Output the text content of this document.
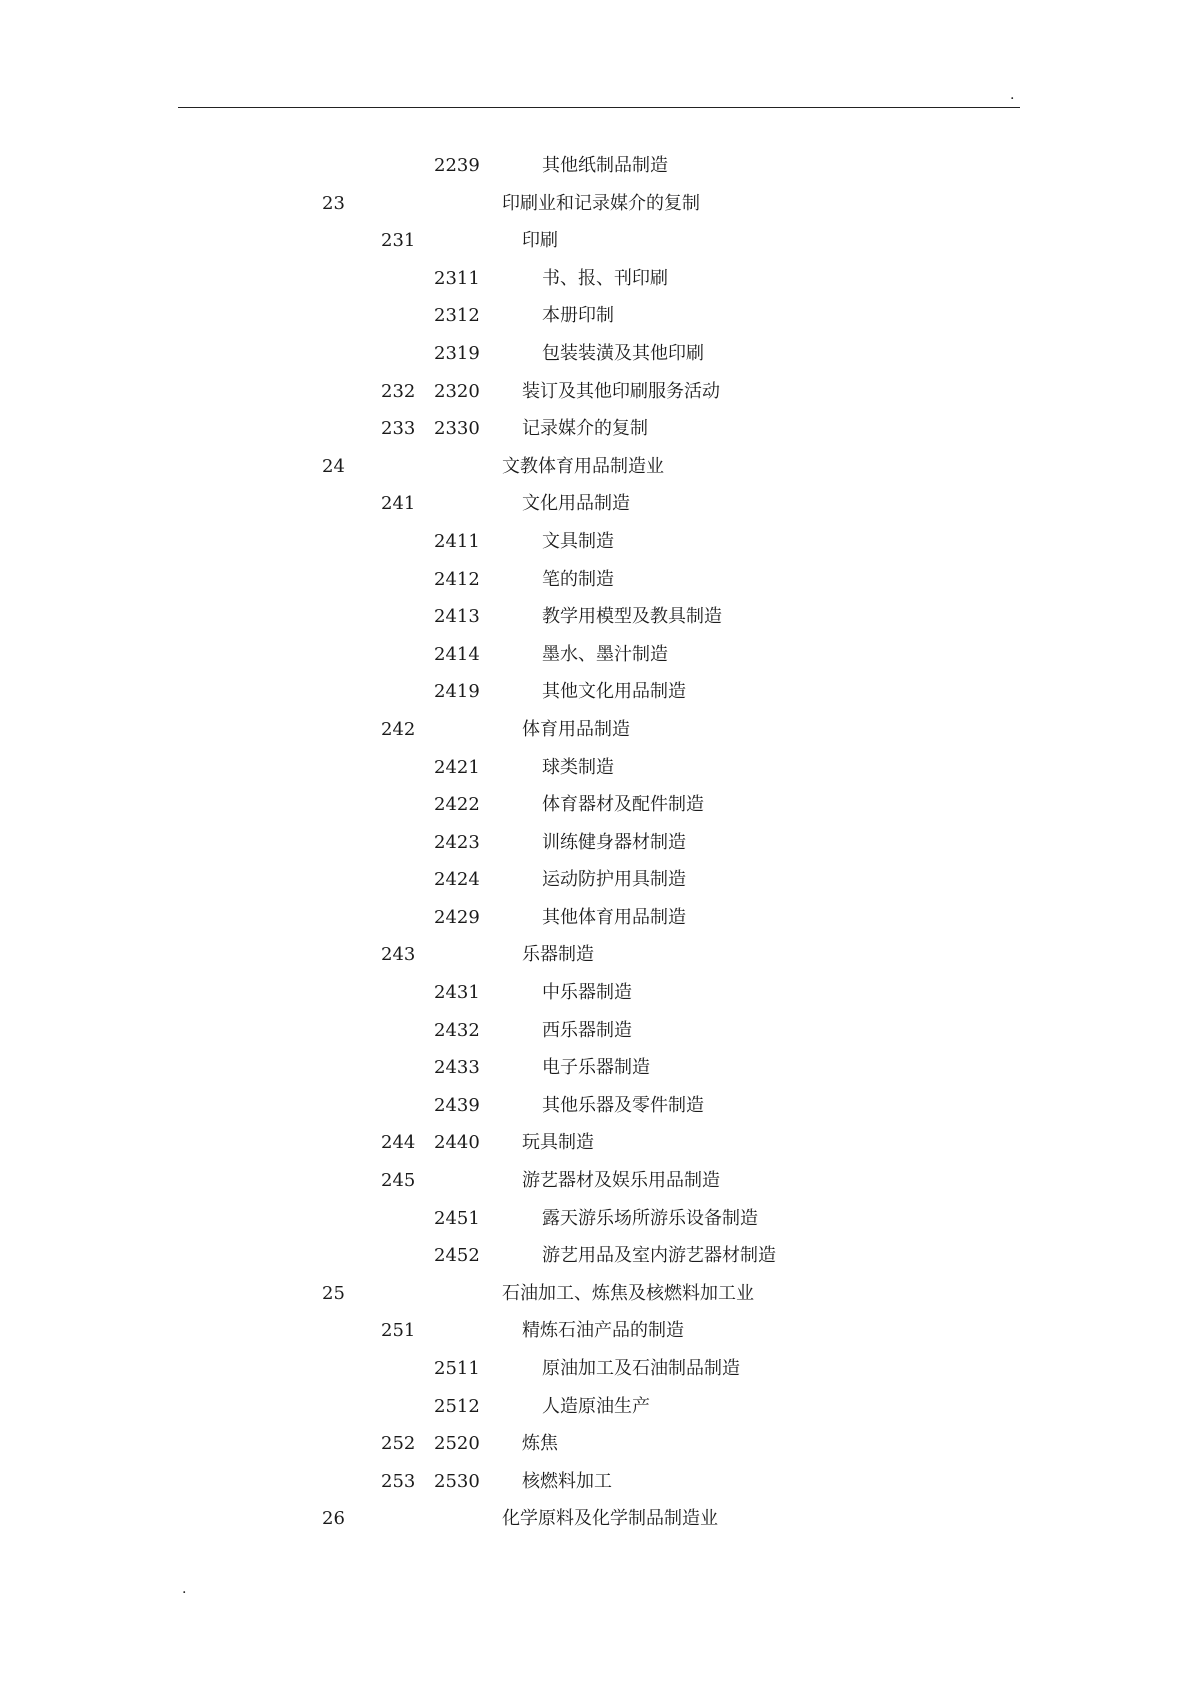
.
2239	其他纸制品制造
23	印刷业和记录媒介的复制
231	印刷
2311	书、报、刊印刷
2312	本册印制
2319	包装装潢及其他印刷
232 2320 装订及其他印刷服务活动
233 2330 记录媒介的复制
24	文教体育用品制造业
241	文化用品制造
2411	文具制造
2412	笔的制造
2413	教学用模型及教具制造
2414	墨水、墨汁制造
2419	其他文化用品制造
242	体育用品制造
2421	球类制造
2422	体育器材及配件制造
2423	训练健身器材制造
2424	运动防护用具制造
2429	其他体育用品制造
243	乐器制造
2431	中乐器制造
2432	西乐器制造
2433	电子乐器制造
2439	其他乐器及零件制造
244 2440 玩具制造
245	游艺器材及娱乐用品制造
2451	露天游乐场所游乐设备制造
2452	游艺用品及室内游艺器材制造
25	石油加工、炼焦及核燃料加工业
251	精炼石油产品的制造
2511	原油加工及石油制品制造
2512	人造原油生产
252 2520 炼焦
253 2530 核燃料加工
26	化学原料及化学制品制造业
.
